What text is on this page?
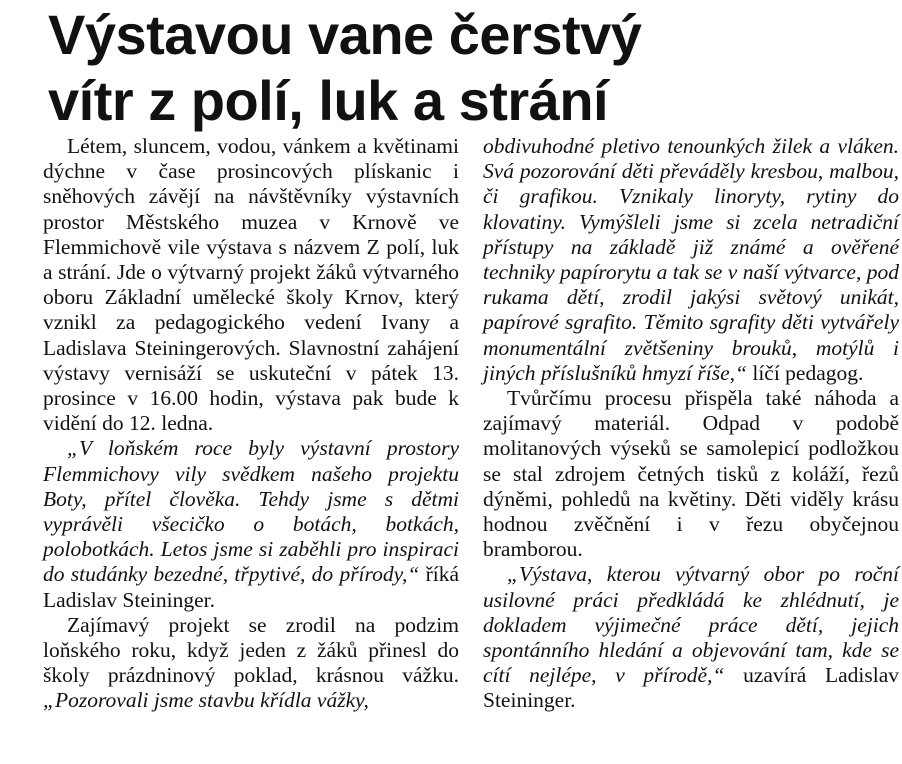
Výstavou vane čerstvý
vítr z polí, luk a strání

Létem, sluncem, vodou, vánkem a květinami dýchne v čase prosincových plískanic i sněhových závějí na návštěvníky výstavních prostor Městského muzea v Krnově ve Flemmichově vile výstava s názvem Z polí, luk a strání. Jde o výtvarný projekt žáků výtvarného oboru Základní umělecké školy Krnov, který vznikl za pedagogického vedení Ivany a Ladislava Steiningerových. Slavnostní zahájení výstavy vernisáží se uskuteční v pátek 13. prosince v 16.00 hodin, výstava pak bude k vidění do 12. ledna.

„V loňském roce byly výstavní prostory Flemmichovy vily svědkem našeho projektu Boty, přítel člověka. Tehdy jsme s dětmi vyprávěli všecičko o botách, botkách, polobotkách. Letos jsme si zaběhli pro inspiraci do studánky bezedné, třpytivé, do přírody,“ říká Ladislav Steininger.

Zajímavý projekt se zrodil na podzim loňského roku, když jeden z žáků přinesl do školy prázdninový poklad, krásnou vážku. „Pozorovali jsme stavbu křídla vážky,

obdivuhodné pletivo tenounkých žilek a vláken. Svá pozorování děti převáděly kresbou, malbou, či grafikou. Vznikaly linoryty, rytiny do klovatiny. Vymýšleli jsme si zcela netradiční přístupy na základě již známé a ověřené techniky papírorytu a tak se v naší výtvarce, pod rukama dětí, zrodil jakýsi světový unikát, papírové sgrafito. Těmito sgrafity děti vytvářely monumentální zvětšeniny brouků, motýlů i jiných příslušníků hmyzí říše,“ líčí pedagog.

Tvůrčímu procesu přispěla také náhoda a zajímavý materiál. Odpad v podobě molitanových výseků se samolepicí podložkou se stal zdrojem četných tisků z koláží, řezů dýněmi, pohledů na květiny. Děti viděly krásu hodnou zvěčnění i v řezu obyčejnou bramborou.

„Výstava, kterou výtvarný obor po roční usilovné práci předkládá ke zhlédnutí, je dokladem výjimečné práce dětí, jejich spontánního hledání a objevování tam, kde se cítí nejlépe, v přírodě,“ uzavírá Ladislav Steininger.
